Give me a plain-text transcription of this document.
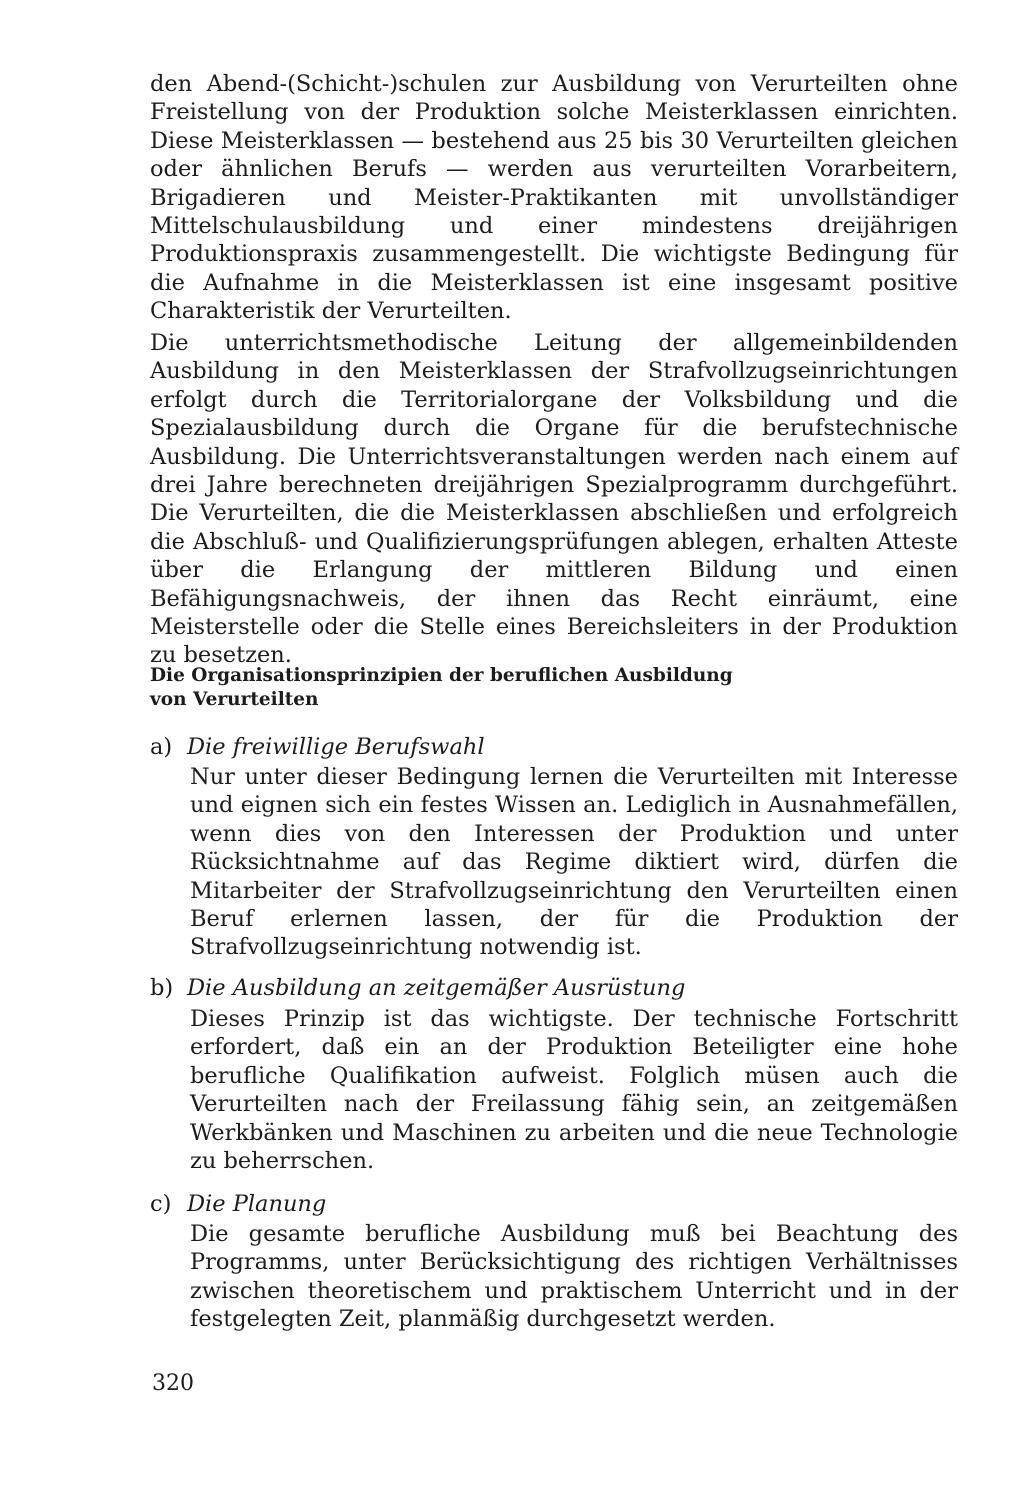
den Abend-(Schicht-)schulen zur Ausbildung von Verurteilten ohne Freistellung von der Produktion solche Meisterklassen einrichten. Diese Meisterklassen — bestehend aus 25 bis 30 Verurteilten gleichen oder ähnlichen Berufs — werden aus verurteilten Vorarbeitern, Brigadieren und Meister-Praktikanten mit unvollständiger Mittelschulausbildung und einer mindestens dreijährigen Produktionspraxis zusammengestellt. Die wichtigste Bedingung für die Aufnahme in die Meisterklassen ist eine insgesamt positive Charakteristik der Verurteilten.

Die unterrichtsmethodische Leitung der allgemeinbildenden Ausbildung in den Meisterklassen der Strafvollzugseinrichtungen erfolgt durch die Territorialorgane der Volksbildung und die Spezialausbildung durch die Organe für die berufstechnische Ausbildung. Die Unterrichtsveranstaltungen werden nach einem auf drei Jahre berechneten dreijährigen Spezialprogramm durchgeführt. Die Verurteilten, die die Meisterklassen abschließen und erfolgreich die Abschluß- und Qualifizierungsprüfungen ablegen, erhalten Atteste über die Erlangung der mittleren Bildung und einen Befähigungsnachweis, der ihnen das Recht einräumt, eine Meisterstelle oder die Stelle eines Bereichsleiters in der Produktion zu besetzen.

Die Organisationsprinzipien der beruflichen Ausbildung
von Verurteilten

a) Die freiwillige Berufswahl

Nur unter dieser Bedingung lernen die Verurteilten mit Interesse und eignen sich ein festes Wissen an. Lediglich in Ausnahmefällen, wenn dies von den Interessen der Produktion und unter Rücksichtnahme auf das Regime diktiert wird, dürfen die Mitarbeiter der Strafvollzugseinrichtung den Verurteilten einen Beruf erlernen lassen, der für die Produktion der Strafvollzugseinrichtung notwendig ist.

b) Die Ausbildung an zeitgemäßer Ausrüstung

Dieses Prinzip ist das wichtigste. Der technische Fortschritt erfordert, daß ein an der Produktion Beteiligter eine hohe berufliche Qualifikation aufweist. Folglich müsen auch die Verurteilten nach der Freilassung fähig sein, an zeitgemäßen Werkbänken und Maschinen zu arbeiten und die neue Technologie zu beherrschen.

c) Die Planung

Die gesamte berufliche Ausbildung muß bei Beachtung des Programms, unter Berücksichtigung des richtigen Verhältnisses zwischen theoretischem und praktischem Unterricht und in der festgelegten Zeit, planmäßig durchgesetzt werden.

320
